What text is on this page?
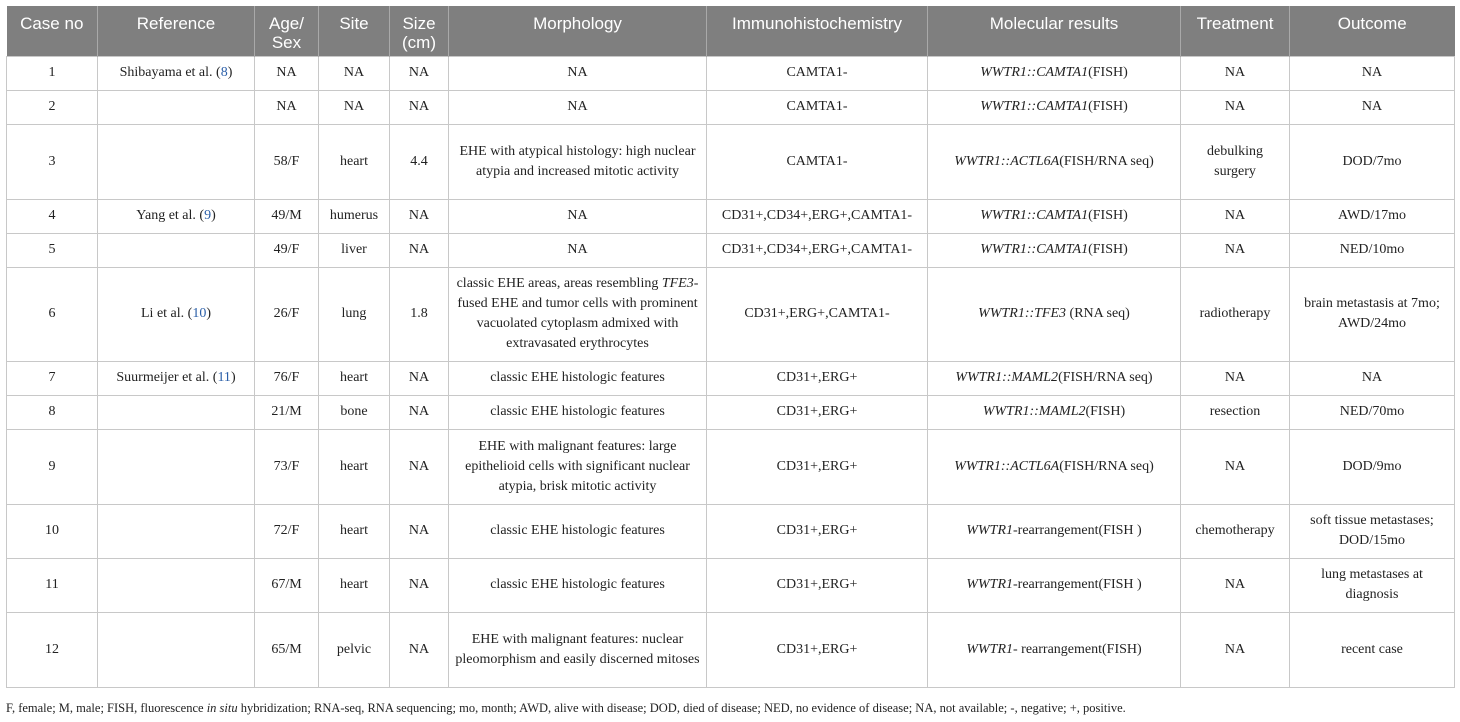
Case no	Reference	Age/ Sex	Site	Size (cm)	Morphology	Immunohistochemistry	Molecular results	Treatment	Outcome
1	Shibayama et al. (8)	NA	NA	NA	NA	CAMTA1-	WWTR1::CAMTA1(FISH)	NA	NA
2		NA	NA	NA	NA	CAMTA1-	WWTR1::CAMTA1(FISH)	NA	NA
3		58/F	heart	4.4	EHE with atypical histology: high nuclear atypia and increased mitotic activity	CAMTA1-	WWTR1::ACTL6A(FISH/RNA seq)	debulking surgery	DOD/7mo
4	Yang et al. (9)	49/M	humerus	NA	NA	CD31+,CD34+,ERG+,CAMTA1-	WWTR1::CAMTA1(FISH)	NA	AWD/17mo
5		49/F	liver	NA	NA	CD31+,CD34+,ERG+,CAMTA1-	WWTR1::CAMTA1(FISH)	NA	NED/10mo
6	Li et al. (10)	26/F	lung	1.8	classic EHE areas, areas resembling TFE3-fused EHE and tumor cells with prominent vacuolated cytoplasm admixed with extravasated erythrocytes	CD31+,ERG+,CAMTA1-	WWTR1::TFE3 (RNA seq)	radiotherapy	brain metastasis at 7mo; AWD/24mo
7	Suurmeijer et al. (11)	76/F	heart	NA	classic EHE histologic features	CD31+,ERG+	WWTR1::MAML2(FISH/RNA seq)	NA	NA
8		21/M	bone	NA	classic EHE histologic features	CD31+,ERG+	WWTR1::MAML2(FISH)	resection	NED/70mo
9		73/F	heart	NA	EHE with malignant features: large epithelioid cells with significant nuclear atypia, brisk mitotic activity	CD31+,ERG+	WWTR1::ACTL6A(FISH/RNA seq)	NA	DOD/9mo
10		72/F	heart	NA	classic EHE histologic features	CD31+,ERG+	WWTR1-rearrangement(FISH )	chemotherapy	soft tissue metastases; DOD/15mo
11		67/M	heart	NA	classic EHE histologic features	CD31+,ERG+	WWTR1-rearrangement(FISH )	NA	lung metastases at diagnosis
12		65/M	pelvic	NA	EHE with malignant features: nuclear pleomorphism and easily discerned mitoses	CD31+,ERG+	WWTR1- rearrangement(FISH)	NA	recent case
F, female; M, male; FISH, fluorescence in situ hybridization; RNA-seq, RNA sequencing; mo, month; AWD, alive with disease; DOD, died of disease; NED, no evidence of disease; NA, not available; -, negative; +, positive.
